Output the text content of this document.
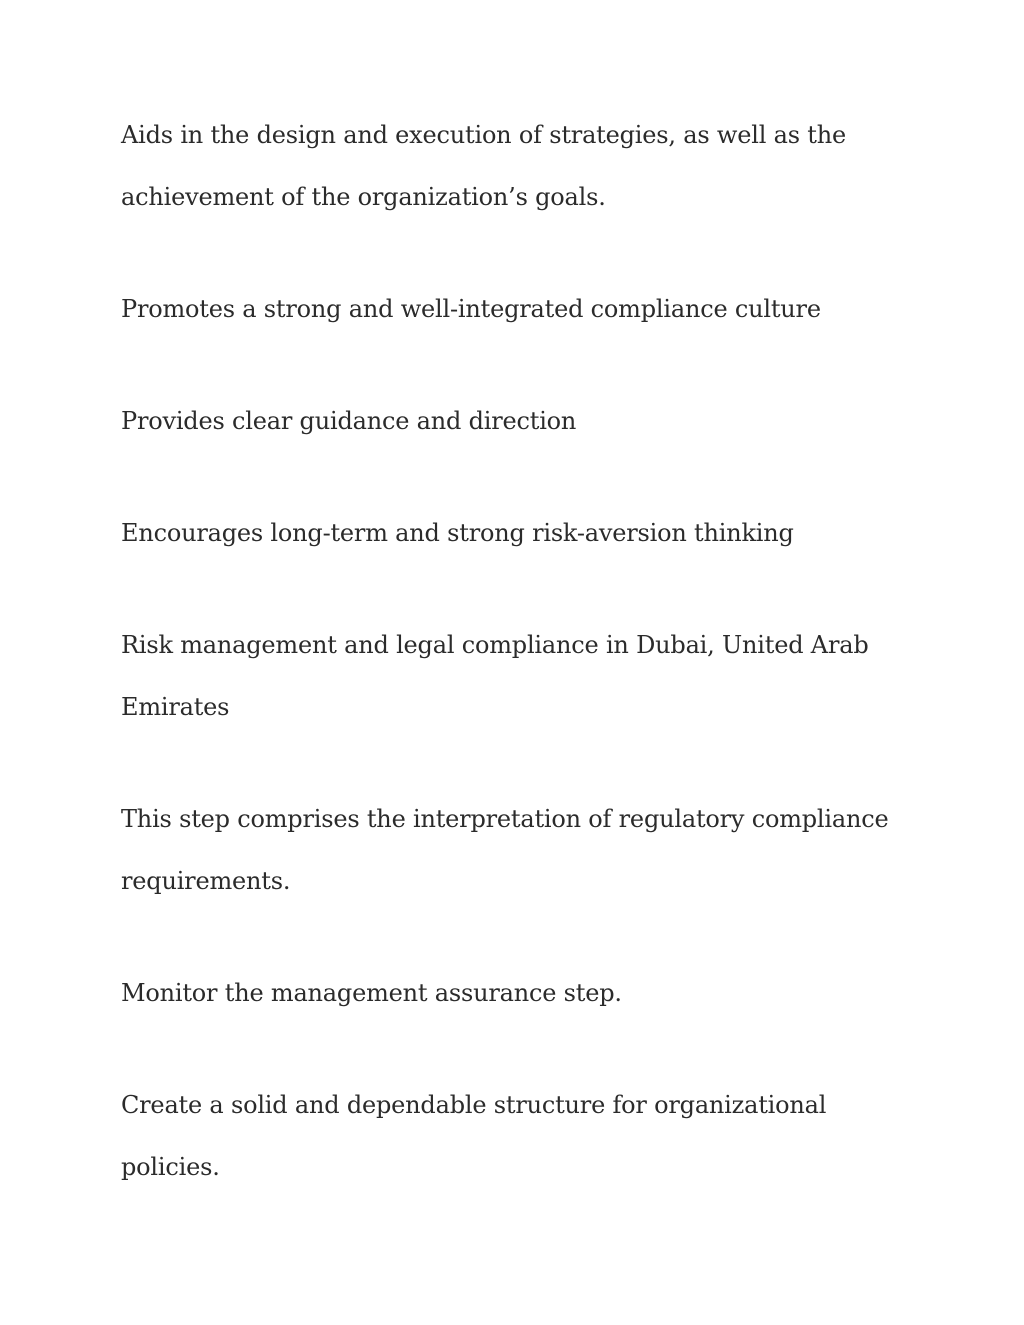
Aids in the design and execution of strategies, as well as the achievement of the organization’s goals.

Promotes a strong and well-integrated compliance culture

Provides clear guidance and direction

Encourages long-term and strong risk-aversion thinking

Risk management and legal compliance in Dubai, United Arab Emirates

This step comprises the interpretation of regulatory compliance requirements.

Monitor the management assurance step.

Create a solid and dependable structure for organizational policies.
